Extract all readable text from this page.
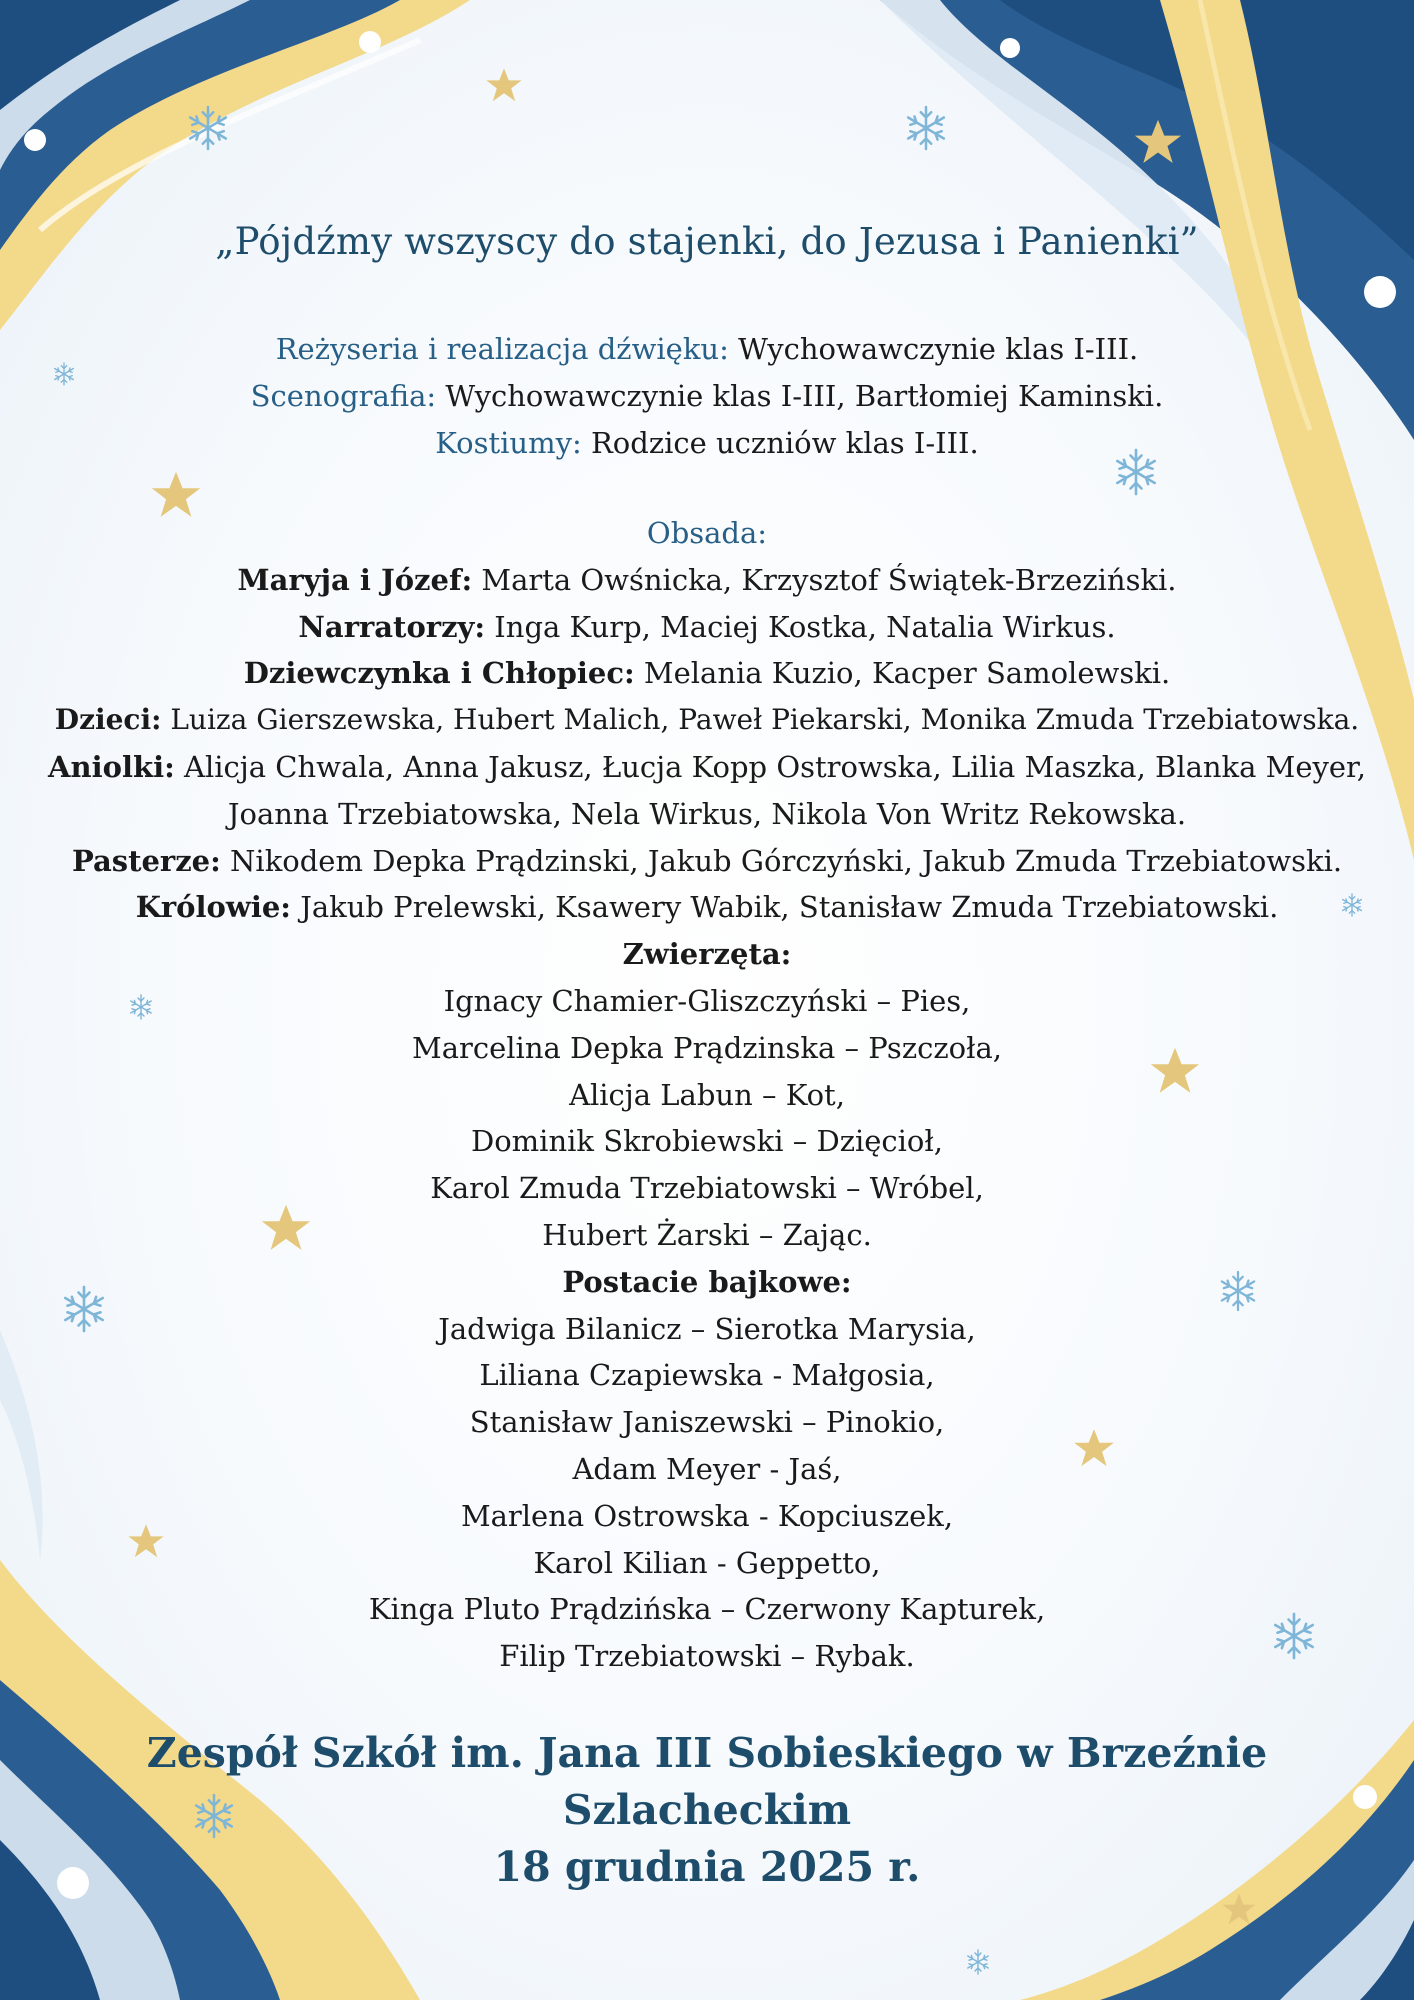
„Pójdźmy wszyscy do stajenki, do Jezusa i Panienki”

Reżyseria i realizacja dźwięku: Wychowawczynie klas I-III.

Scenografia: Wychowawczynie klas I-III, Bartłomiej Kaminski.

Kostiumy: Rodzice uczniów klas I-III.

Obsada:

Maryja i Józef: Marta Owśnicka, Krzysztof Świątek-Brzeziński.

Narratorzy: Inga Kurp, Maciej Kostka, Natalia Wirkus.

Dziewczynka i Chłopiec: Melania Kuzio, Kacper Samolewski.

Dzieci: Luiza Gierszewska, Hubert Malich, Paweł Piekarski, Monika Zmuda Trzebiatowska.

Aniolki: Alicja Chwala, Anna Jakusz, Łucja Kopp Ostrowska, Lilia Maszka, Blanka Meyer,

Joanna Trzebiatowska, Nela Wirkus, Nikola Von Writz Rekowska.

Pasterze: Nikodem Depka Prądzinski, Jakub Górczyński, Jakub Zmuda Trzebiatowski.

Królowie: Jakub Prelewski, Ksawery Wabik, Stanisław Zmuda Trzebiatowski.

Zwierzęta:

Ignacy Chamier-Gliszczyński – Pies,

Marcelina Depka Prądzinska – Pszczoła,

Alicja Labun – Kot,

Dominik Skrobiewski – Dzięcioł,

Karol Zmuda Trzebiatowski – Wróbel,

Hubert Żarski – Zając.

Postacie bajkowe:

Jadwiga Bilanicz – Sierotka Marysia,

Liliana Czapiewska - Małgosia,

Stanisław Janiszewski – Pinokio,

Adam Meyer - Jaś,

Marlena Ostrowska - Kopciuszek,

Karol Kilian - Geppetto,

Kinga Pluto Prądzińska – Czerwony Kapturek,

Filip Trzebiatowski – Rybak.

Zespół Szkół im. Jana III Sobieskiego w Brzeźnie Szlacheckim

18 grudnia 2025 r.
